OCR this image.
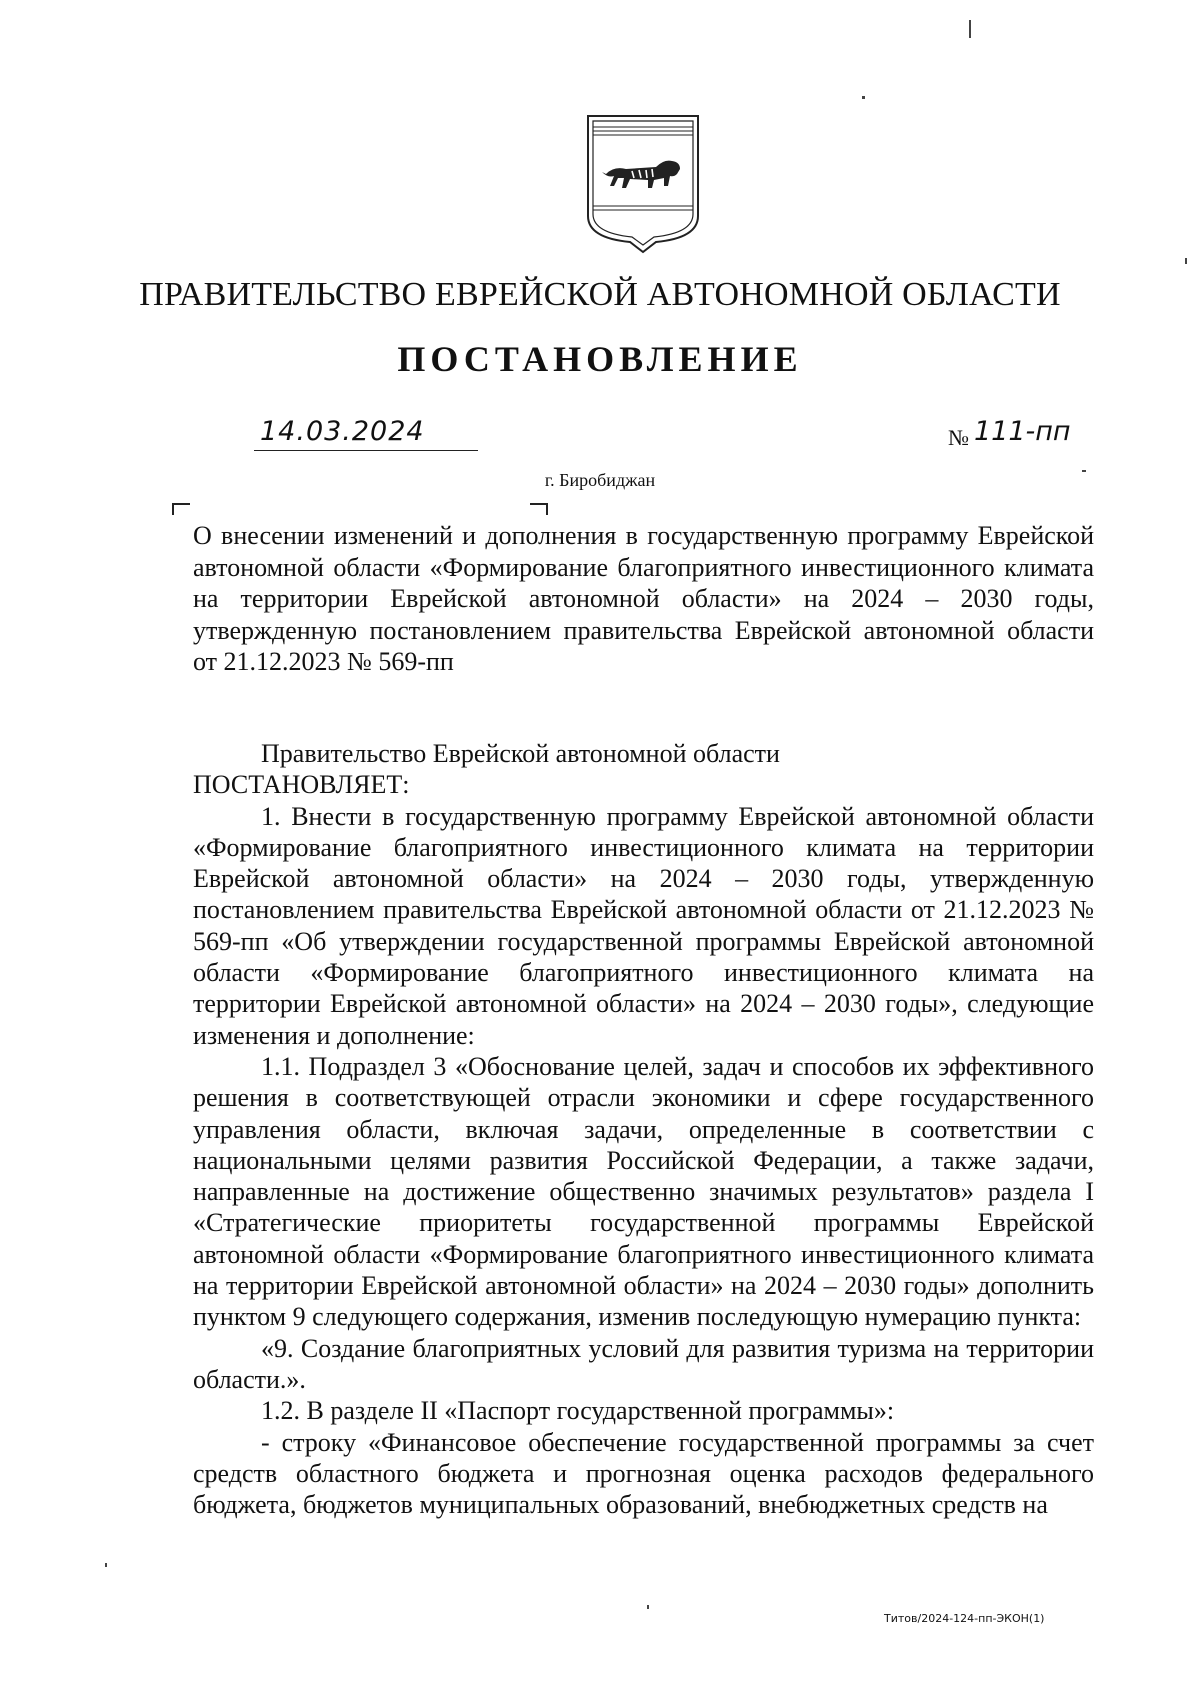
ПРАВИТЕЛЬСТВО ЕВРЕЙСКОЙ АВТОНОМНОЙ ОБЛАСТИ
ПОСТАНОВЛЕНИЕ
14.03.2024	№ 111-пп
г. Биробиджан
О внесении изменений и дополнения в государственную программу Еврейской автономной области «Формирование благоприятного инвестиционного климата на территории Еврейской автономной области» на 2024 – 2030 годы, утвержденную постановлением правительства Еврейской автономной области от 21.12.2023 № 569-пп

Правительство Еврейской автономной области

ПОСТАНОВЛЯЕТ:

1. Внести в государственную программу Еврейской автономной области «Формирование благоприятного инвестиционного климата на территории Еврейской автономной области» на 2024 – 2030 годы, утвержденную постановлением правительства Еврейской автономной области от 21.12.2023 № 569-пп «Об утверждении государственной программы Еврейской автономной области «Формирование благоприятного инвестиционного климата на территории Еврейской автономной области» на 2024 – 2030 годы», следующие изменения и дополнение:

1.1. Подраздел 3 «Обоснование целей, задач и способов их эффективного решения в соответствующей отрасли экономики и сфере государственного управления области, включая задачи, определенные в соответствии с национальными целями развития Российской Федерации, а также задачи, направленные на достижение общественно значимых результатов» раздела I «Стратегические приоритеты государственной программы Еврейской автономной области «Формирование благоприятного инвестиционного климата на территории Еврейской автономной области» на 2024 – 2030 годы» дополнить пунктом 9 следующего содержания, изменив последующую нумерацию пункта:

«9. Создание благоприятных условий для развития туризма на территории области.».

1.2. В разделе II «Паспорт государственной программы»:

- строку «Финансовое обеспечение государственной программы за счет средств областного бюджета и прогнозная оценка расходов федерального бюджета, бюджетов муниципальных образований, внебюджетных средств на

Титов/2024-124-пп-ЭКОН(1)
